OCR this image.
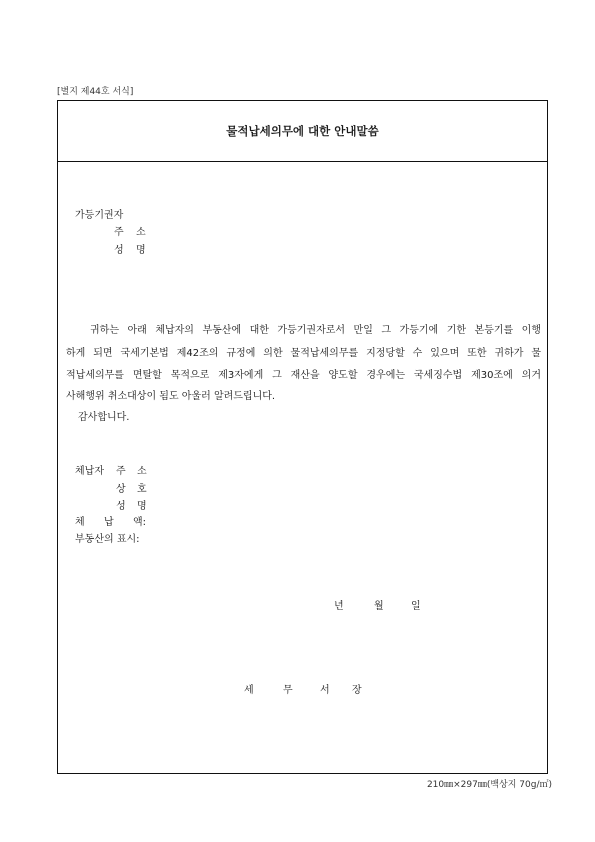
[별지 제44호 서식]
물적납세의무에 대한 안내말씀
가등기권자
주 소
성 명
귀하는 아래 체납자의 부동산에 대한 가등기권자로서 만일 그 가등기에 기한 본등기를 이행
하게 되면 국세기본법 제42조의 규정에 의한 물적납세의무를 지정당할 수 있으며 또한 귀하가 물
적납세의무를 면탈할 목적으로 제3자에게 그 재산을 양도할 경우에는 국세징수법 제30조에 의거
사해행위 취소대상이 됨도 아울러 알려드립니다.
감사합니다.
체납자 주 소
상 호
성 명
체 납 액:
부동산의 표시:
년	월	일
세	무	서 장
210㎜×297㎜(백상지 70g/㎡)
